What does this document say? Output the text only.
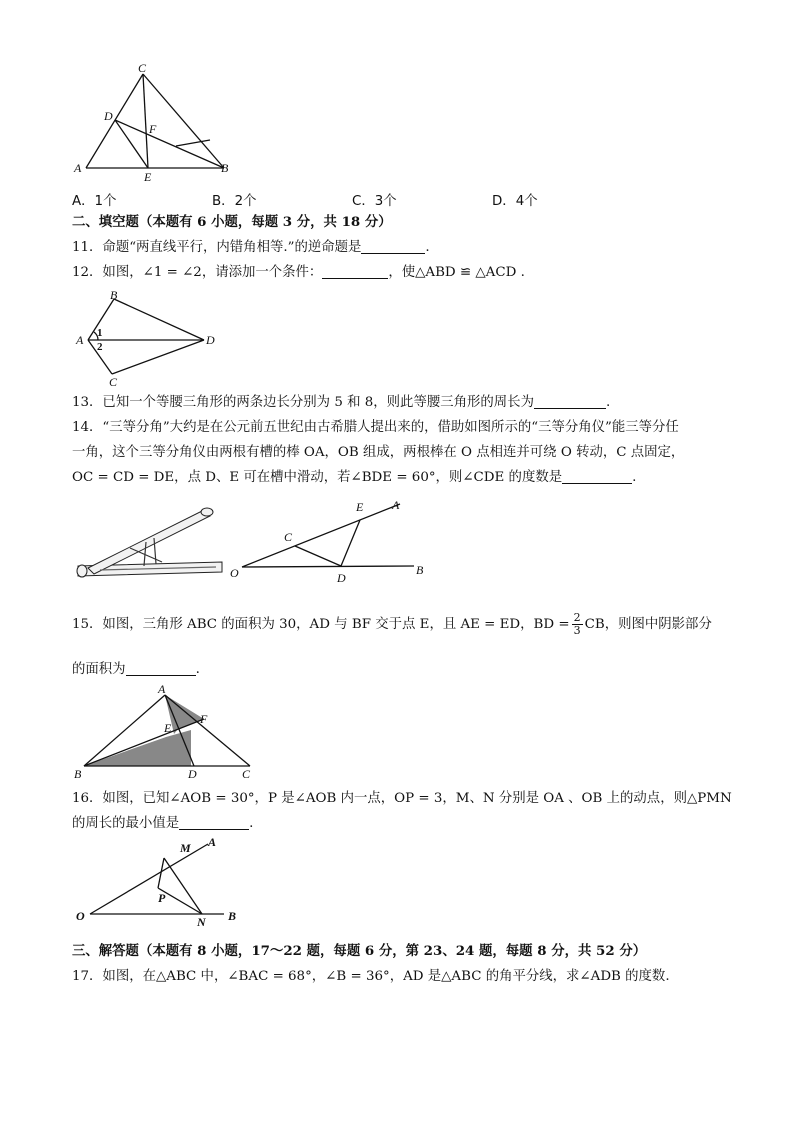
C
D
F
A
E
B
A．1个	B．2个	C．3个	D．4个
二、填空题（本题有 6 小题，每题 3 分，共 18 分）
11．命题“两直线平行，内错角相等.”的逆命题是	.
12．如图，∠1 = ∠2，请添加一个条件：	，使△ABD ≌ △ACD .
B
A 1
2	D
C
13．已知一个等腰三角形的两条边长分别为 5 和 8，则此等腰三角形的周长为	.
14．“三等分角”大约是在公元前五世纪由古希腊人提出来的，借助如图所示的“三等分角仪”能三等分任
一角，这个三等分角仪由两根有槽的棒 OA，OB 组成，两根棒在 O 点相连并可绕 O 转动，C 点固定，
OC = CD = DE，点 D、E 可在槽中滑动，若∠BDE = 60°，则∠CDE 的度数是	.
O
C
E A
D
B
15．如图，三角形 ABC 的面积为 30，AD 与 BF 交于点 E，且 AE = ED，BD = $\frac{2}{3}$ CB，则图中阴影部分
的面积为	.
A
F
E
B	D	C
16．如图，已知∠AOB = 30°，P 是∠AOB 内一点，OP = 3，M、N 分别是 OA 、OB 上的动点，则△PMN
的周长的最小值是	.
M A
P
O	N B
三、解答题（本题有 8 小题，17～22 题，每题 6 分，第 23、24 题，每题 8 分，共 52 分）
17．如图，在△ABC 中，∠BAC = 68°，∠B = 36°，AD 是△ABC 的角平分线，求∠ADB 的度数.
